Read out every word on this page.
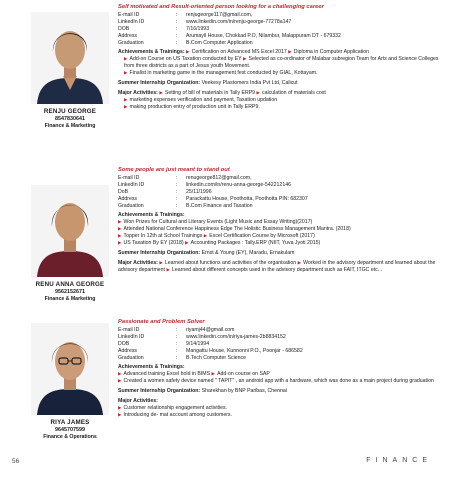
RENJU GEORGE
8547830641
Finance & Marketing
Self motivated and Result-oriented person looking for a challenging career
E-mail ID	:	renjugeorge117@gmail.com,
LinkedIn ID	:	www.linkedin.com/in/renju-george-77278a147
DOB	:	7/16/1993
Address	:	Arumayil House, Chokkad P.O, Nilambur, Malappuram DT - 679332
Graduation	:	B.Com Computer Application
Achievements & Trainings: ▶ Certification on Advanced MS Excel 2017 ▶ Diploma in Computer Application
▶ Add-on Course on US Taxation conducted by EY ▶ Selected as co-ordinator of Malabar subregion Team for Arts and Science Colleges from three districts as a part of Jesus youth Movement.
▶ Finalist in marketing game in the management fest conducted by GIAL, Kottayam.
Summer Internship Organization: Veekesy Plastomers India Pvt Ltd, Calicut
Major Activities: ▶ Setting of bill of materials in Tally ERP9 ▶ calculation of materials cost
▶ marketing expenses verification and payment, Taxation updation
▶ making production entry of production unit in Tally ERP9.
RENU ANNA GEORGE
9562152671
Finance & Marketing
Some people are just meant to stand out
E-mail ID	:	renugeorge812@gmail.com,
LinkedIn ID	:	linkedin.com/in/renu-anna-george-542212146
DoB	:	25/11/1996
Address	:	Parackattu House, Poothotta, Poothotta PIN: 682307
Graduation	:	B.Com Finance and Taxation
Achievements & Trainings:
▶ Won Prizes for Cultural and Literary Events (Light Music and Essay Writing)(2017)
▶ Attended National Conference Happiness Edge The Holistic Business Management Mantra. (2018)
▶ Topper In 12th at School Trainings ▶ Excel Certification Course by Microsoft (2017)
▶ US Taxation By EY (2018) ▶ Accounting Packages : Tally.ERP (NIIT, Yuva Jyoti 2015)
Summer Internship Organization: Ernst & Young (EY), Maradu, Ernakulam
Major Activities: ▶ Learned about functions and activities of the organisation ▶ Worked in the advisory department and learned about the advisory department ▶ Learned about different concepts used in the advisory department such as FAIT, ITGC etc...
RIYA JAMES
9645707599
Finance & Operations
Passionate and Problem Solver
E-mail ID	:	riyamj44@gmail.com
LinkedIn ID	:	www.linkedin.com/in/riya-james-2b8834152
DOB	:	9/14/1994
Address	:	Mangattu House, Kunnonni P.O., Poonjar - 686582
Graduation	:	B.Tech Computer Science
Achievements & Trainings:
▶ Advanced training Excel hold in BIMS ▶ Add-on course on SAP
▶ Created a women safety device named " TAPIT" , an android app with a hardware, which was done as a main project during graduation
Summer Internship Organization: Sharekhan by BNP Paribas, Chennai
Major Activities:
▶ Customer relationship engagement activities.
▶ Introducing de- mat account among customers.
56	FINANCE
